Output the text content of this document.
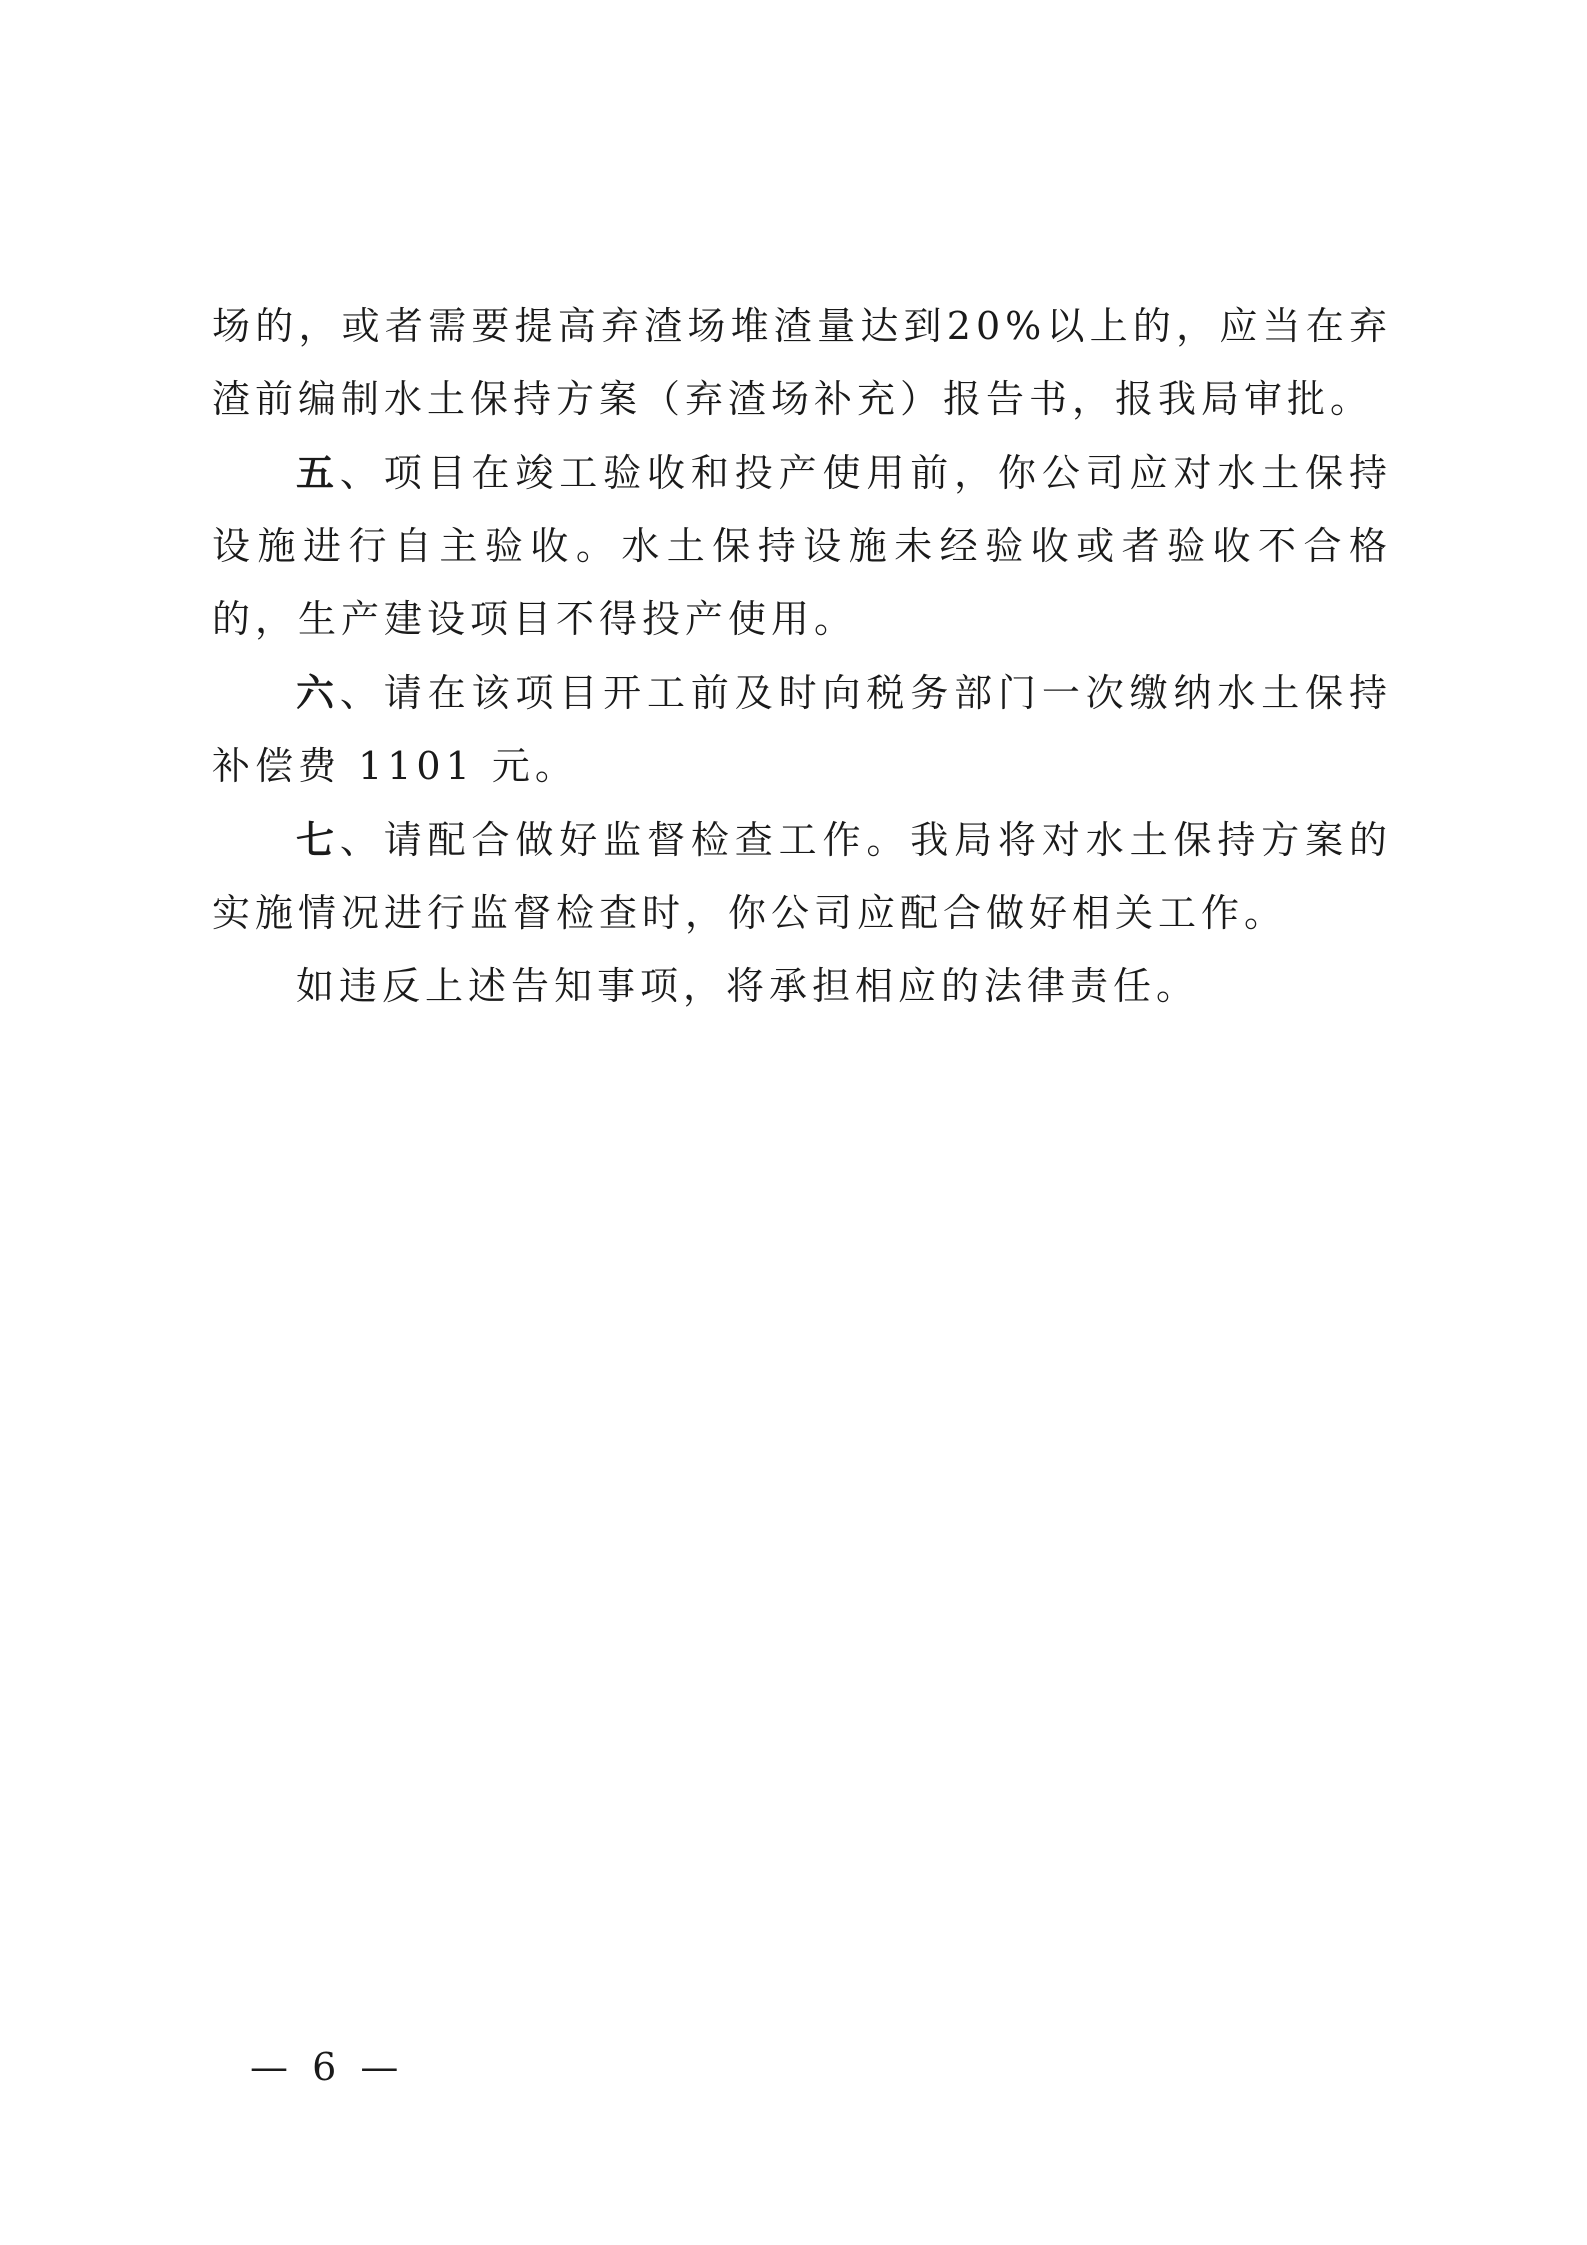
场的，或者需要提高弃渣场堆渣量达到20%以上的，应当在弃渣前编制水土保持方案（弃渣场补充）报告书，报我局审批。

五、项目在竣工验收和投产使用前，你公司应对水土保持设施进行自主验收。水土保持设施未经验收或者验收不合格的，生产建设项目不得投产使用。

六、请在该项目开工前及时向税务部门一次缴纳水土保持补偿费 1101 元。

七、请配合做好监督检查工作。我局将对水土保持方案的实施情况进行监督检查时，你公司应配合做好相关工作。

如违反上述告知事项，将承担相应的法律责任。

— 6 —
